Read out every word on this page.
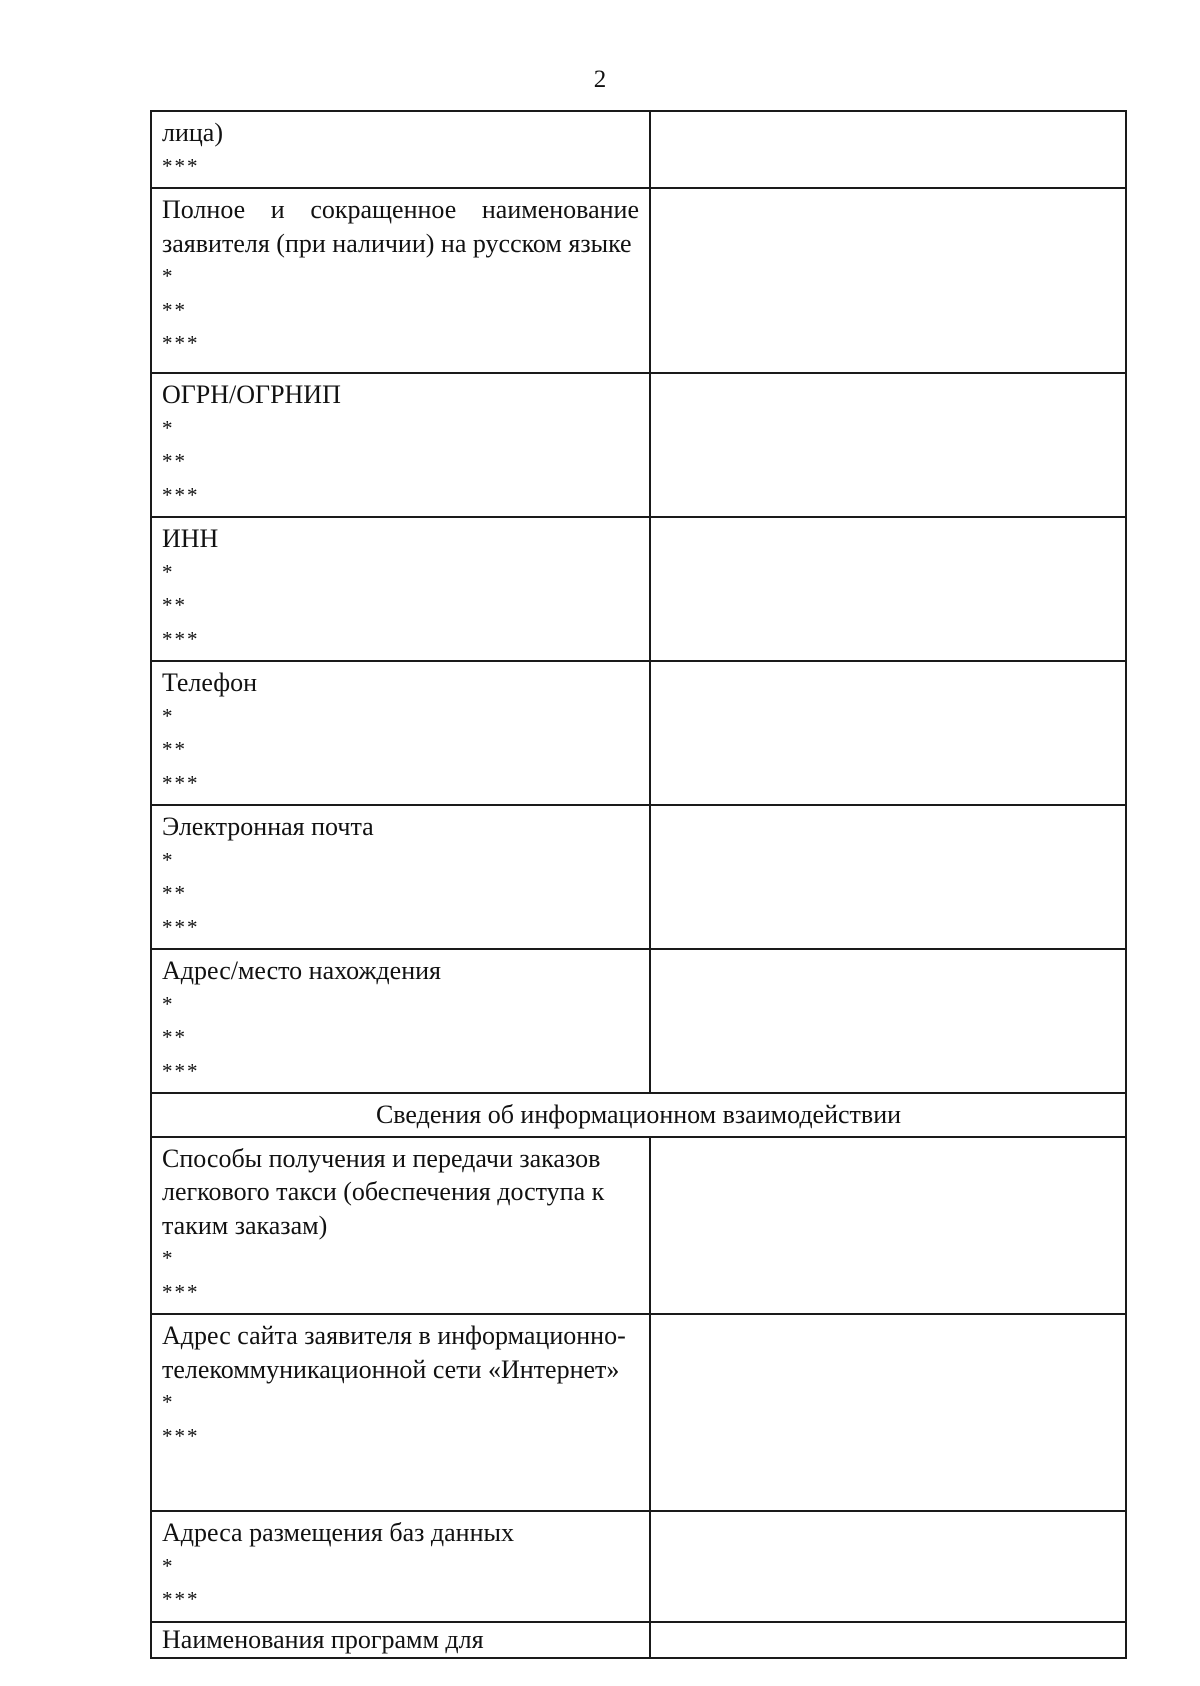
2
лица)
***	

Полное и сокращенное наименование заявителя (при наличии) на русском языке
*
**
***	

ОГРН/ОГРНИП
*
**
***	

ИНН
*
**
***	

Телефон
*
**
***	

Электронная почта
*
**
***	

Адрес/место нахождения
*
**
***	

Сведения об информационном взаимодействии	

Способы получения и передачи заказов легкового такси (обеспечения доступа к таким заказам)
*
***	

Адрес сайта заявителя в информационно-телекоммуникационной сети «Интернет»
*
***	

Адреса размещения баз данных
*
***	

Наименования программ для	
